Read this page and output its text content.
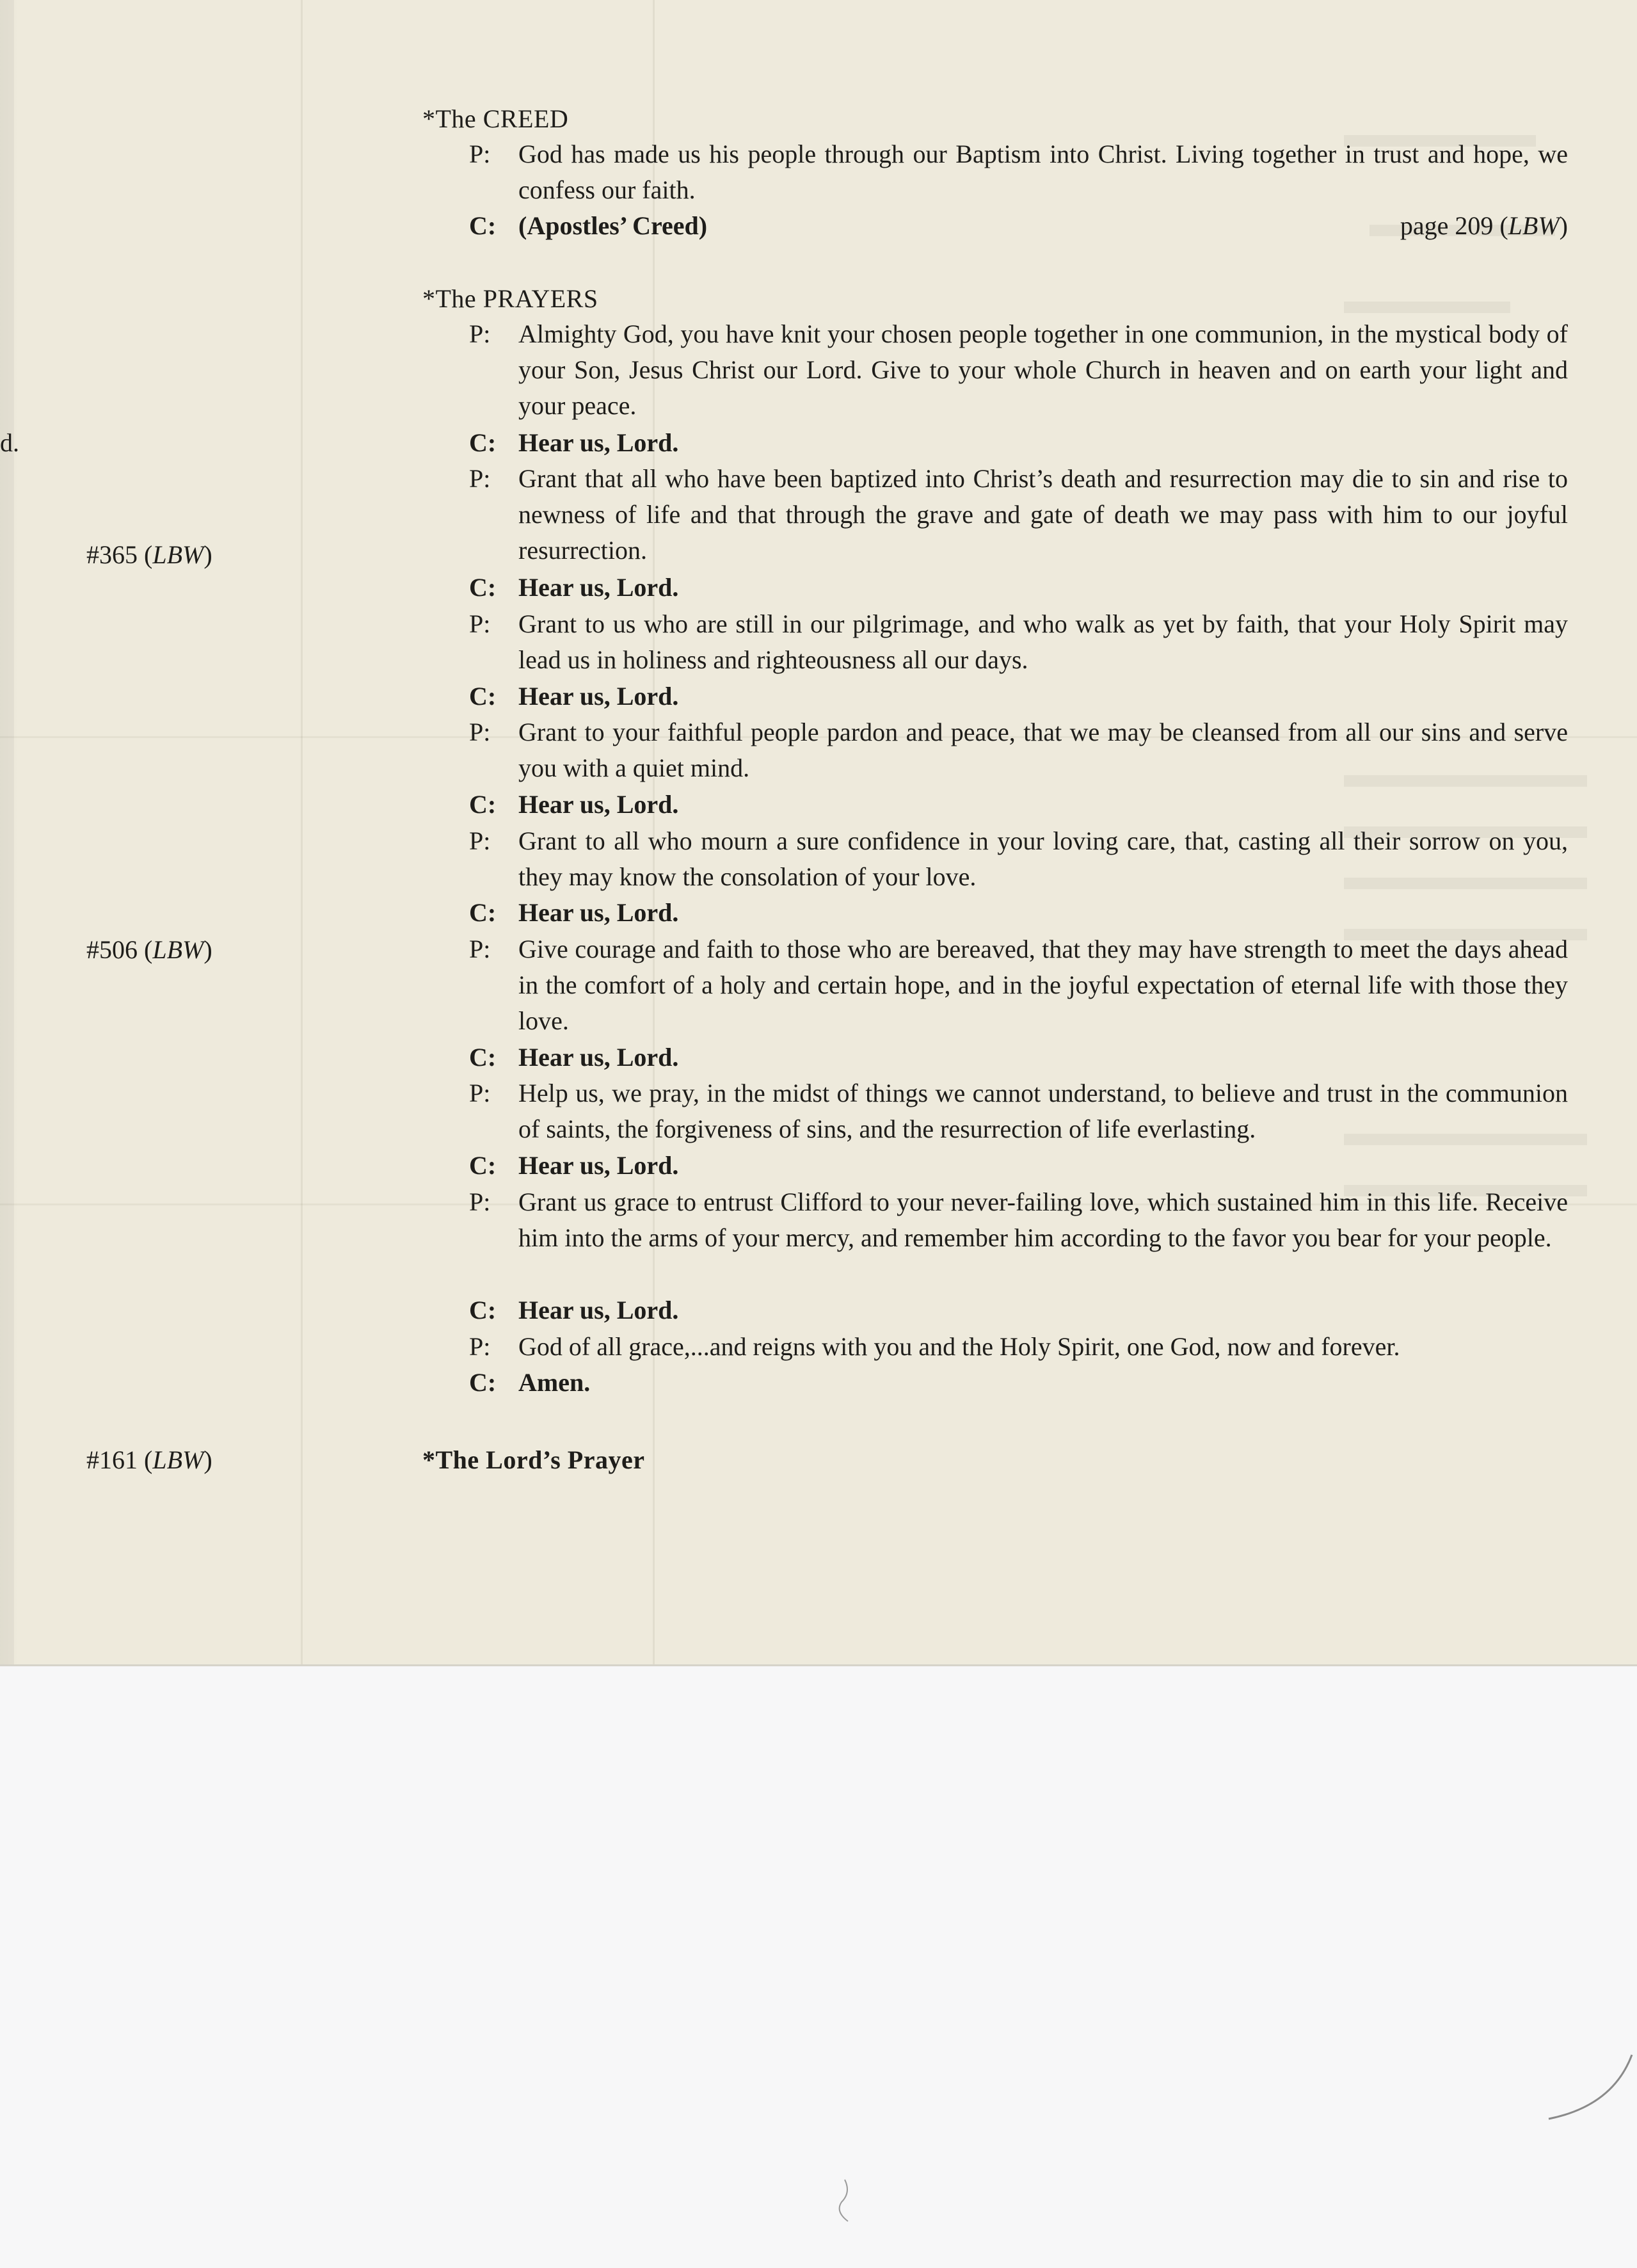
d.
#365 (LBW)
#506 (LBW)
#161 (LBW)
*The CREED
P: God has made us his people through our Baptism into Christ. Living together in trust and hope, we confess our faith.
C: (Apostles’ Creed)	page 209 (LBW)
*The PRAYERS
P: Almighty God, you have knit your chosen people together in one communion, in the mystical body of your Son, Jesus Christ our Lord. Give to your whole Church in heaven and on earth your light and your peace.
C: Hear us, Lord.
P: Grant that all who have been baptized into Christ’s death and resurrection may die to sin and rise to newness of life and that through the grave and gate of death we may pass with him to our joyful resurrection.
C: Hear us, Lord.
P: Grant to us who are still in our pilgrimage, and who walk as yet by faith, that your Holy Spirit may lead us in holiness and righteousness all our days.
C: Hear us, Lord.
P: Grant to your faithful people pardon and peace, that we may be cleansed from all our sins and serve you with a quiet mind.
C: Hear us, Lord.
P: Grant to all who mourn a sure confidence in your loving care, that, casting all their sorrow on you, they may know the consolation of your love.
C: Hear us, Lord.
P: Give courage and faith to those who are bereaved, that they may have strength to meet the days ahead in the comfort of a holy and certain hope, and in the joyful expectation of eternal life with those they love.
C: Hear us, Lord.
P: Help us, we pray, in the midst of things we cannot understand, to believe and trust in the communion of saints, the forgiveness of sins, and the resurrection of life everlasting.
C: Hear us, Lord.
P: Grant us grace to entrust Clifford to your never-failing love, which sustained him in this life. Receive him into the arms of your mercy, and remember him according to the favor you bear for your people.
C: Hear us, Lord.
P: God of all grace,...and reigns with you and the Holy Spirit, one God, now and forever.
C: Amen.
*The Lord’s Prayer
